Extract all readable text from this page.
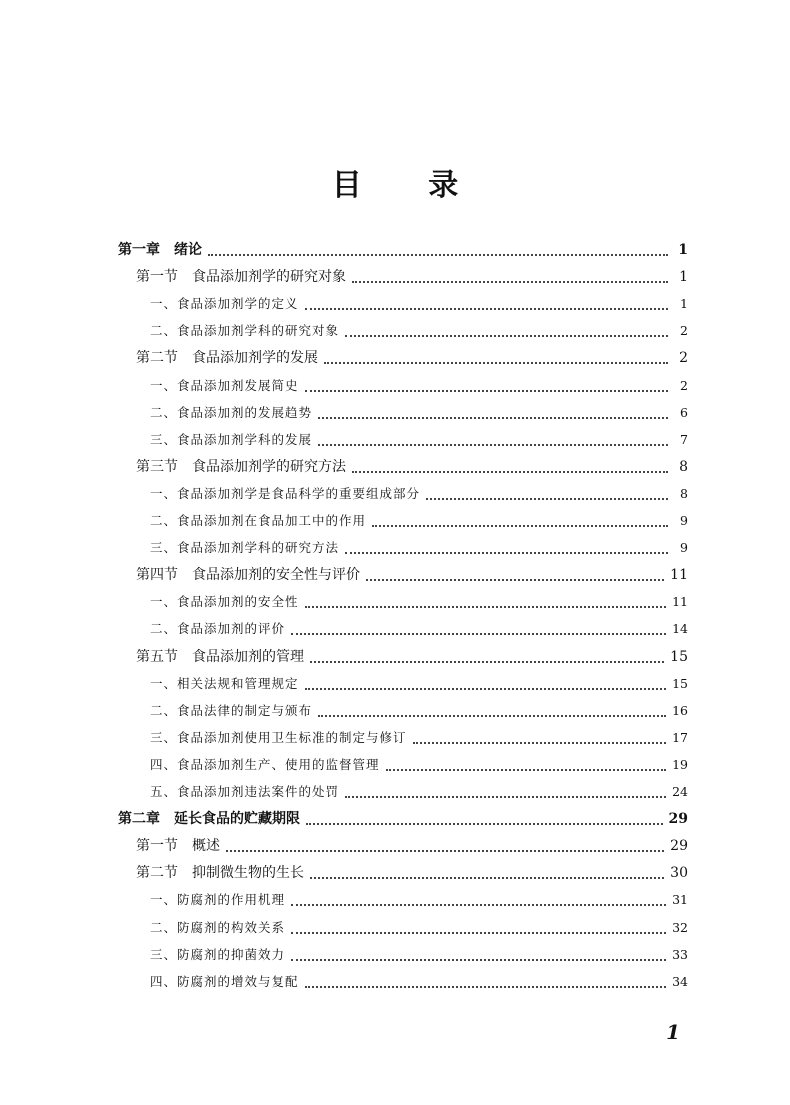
目 录
第一章　绪论	1
第一节　食品添加剂学的研究对象	1
一、食品添加剂学的定义	1
二、食品添加剂学科的研究对象	2
第二节　食品添加剂学的发展	2
一、食品添加剂发展简史	2
二、食品添加剂的发展趋势	6
三、食品添加剂学科的发展	7
第三节　食品添加剂学的研究方法	8
一、食品添加剂学是食品科学的重要组成部分	8
二、食品添加剂在食品加工中的作用	9
三、食品添加剂学科的研究方法	9
第四节　食品添加剂的安全性与评价	11
一、食品添加剂的安全性	11
二、食品添加剂的评价	14
第五节　食品添加剂的管理	15
一、相关法规和管理规定	15
二、食品法律的制定与颁布	16
三、食品添加剂使用卫生标准的制定与修订	17
四、食品添加剂生产、使用的监督管理	19
五、食品添加剂违法案件的处罚	24
第二章　延长食品的贮藏期限	29
第一节　概述	29
第二节　抑制微生物的生长	30
一、防腐剂的作用机理	31
二、防腐剂的构效关系	32
三、防腐剂的抑菌效力	33
四、防腐剂的增效与复配	34
1
